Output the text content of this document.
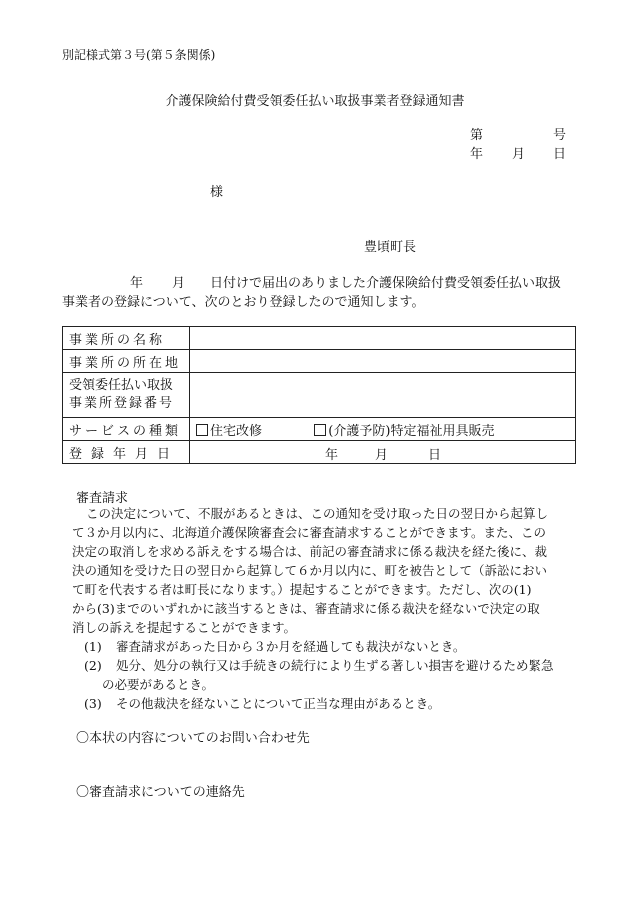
別記様式第３号(第５条関係)
介護保険給付費受領委任払い取扱事業者登録通知書
第	号
年 月 日
様
豊頃町長
年 月 日付けで届出のありました介護保険給付費受領委任払い取扱
事業者の登録について、次のとおり登録したので通知します。
事業所の名称	
事業所の所在地	

受領委任払い取扱
事業所登録番号	

サービスの種類	住宅改修 (介護予防)特定福祉用具販売
登録年月日	年 月 日
審査請求
この決定について、不服があるときは、この通知を受け取った日の翌日から起算し
て３か月以内に、北海道介護保険審査会に審査請求することができます。また、この
決定の取消しを求める訴えをする場合は、前記の審査請求に係る裁決を経た後に、裁
決の通知を受けた日の翌日から起算して６か月以内に、町を被告として（訴訟におい
て町を代表する者は町長になります。）提起することができます。ただし、次の(1)
から(3)までのいずれかに該当するときは、審査請求に係る裁決を経ないで決定の取
消しの訴えを提起することができます。
(1) 審査請求があった日から３か月を経過しても裁決がないとき。
(2) 処分、処分の執行又は手続きの続行により生ずる著しい損害を避けるため緊急
の必要があるとき。
(3) その他裁決を経ないことについて正当な理由があるとき。
〇本状の内容についてのお問い合わせ先
〇審査請求についての連絡先
